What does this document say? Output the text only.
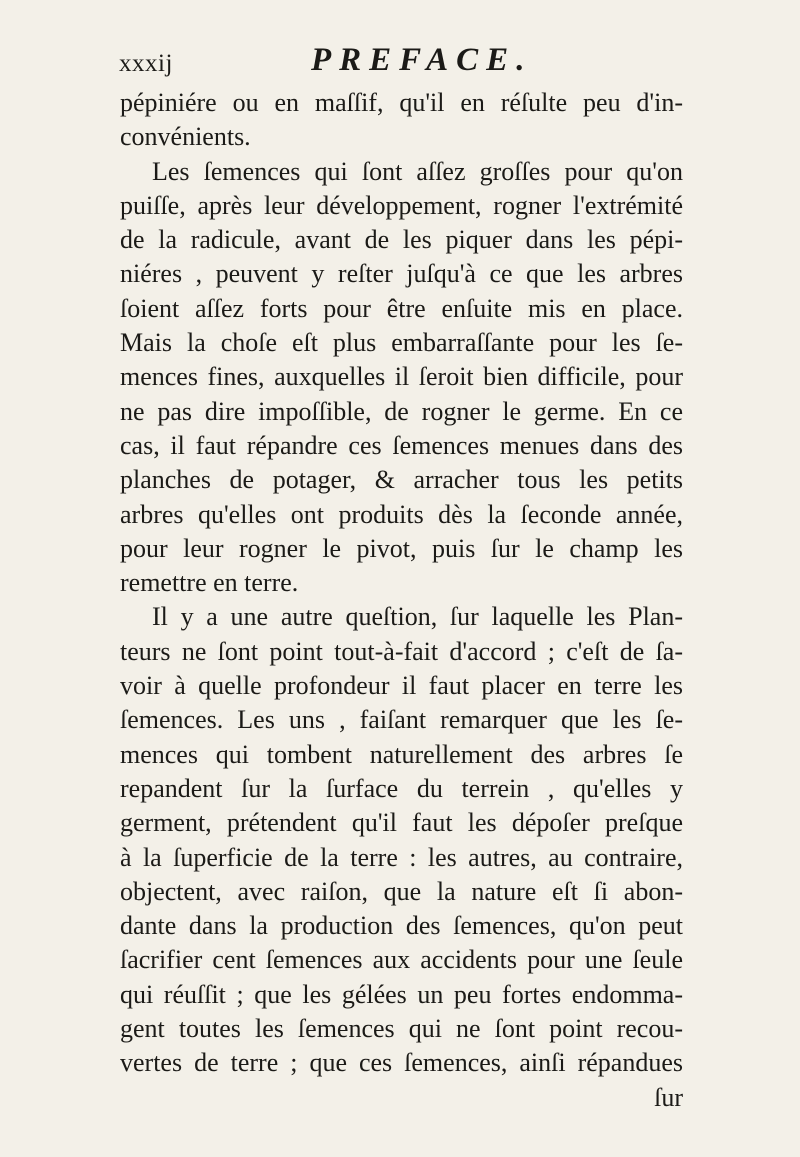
xxxij	PREFACE.
pépiniére ou en maſſif, qu'il en réſulte peu d'in-
convénients.
Les ſemences qui ſont aſſez groſſes pour qu'on
puiſſe, après leur développement, rogner l'extrémité
de la radicule, avant de les piquer dans les pépi-
niéres , peuvent y reſter juſqu'à ce que les arbres
ſoient aſſez forts pour être enſuite mis en place.
Mais la choſe eſt plus embarraſſante pour les ſe-
mences fines, auxquelles il ſeroit bien difficile, pour
ne pas dire impoſſible, de rogner le germe. En ce
cas, il faut répandre ces ſemences menues dans des
planches de potager, & arracher tous les petits
arbres qu'elles ont produits dès la ſeconde année,
pour leur rogner le pivot, puis ſur le champ les
remettre en terre.
Il y a une autre queſtion, ſur laquelle les Plan-
teurs ne ſont point tout-à-fait d'accord ; c'eſt de ſa-
voir à quelle profondeur il faut placer en terre les
ſemences. Les uns , faiſant remarquer que les ſe-
mences qui tombent naturellement des arbres ſe
repandent ſur la ſurface du terrein , qu'elles y
germent, prétendent qu'il faut les dépoſer preſque
à la ſuperficie de la terre : les autres, au contraire,
objectent, avec raiſon, que la nature eſt ſi abon-
dante dans la production des ſemences, qu'on peut
ſacrifier cent ſemences aux accidents pour une ſeule
qui réuſſit ; que les gélées un peu fortes endomma-
gent toutes les ſemences qui ne ſont point recou-
vertes de terre ; que ces ſemences, ainſi répandues
ſur
